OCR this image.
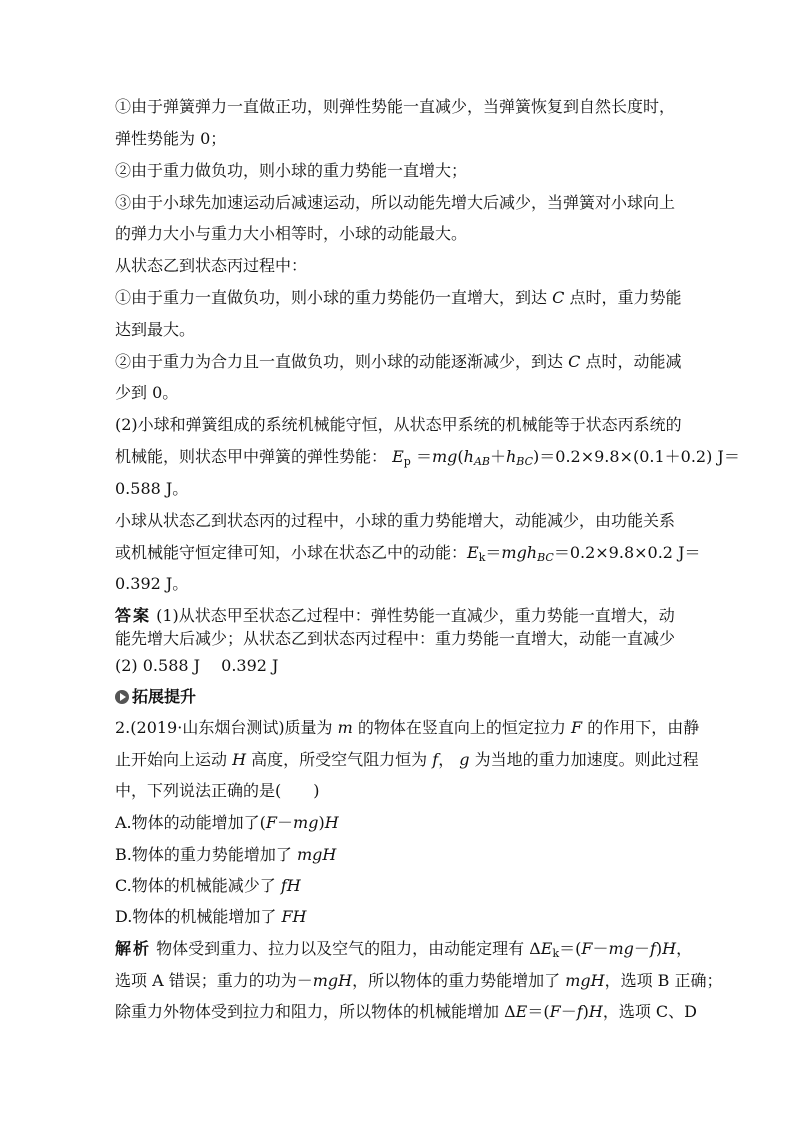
①由于弹簧弹力一直做正功，则弹性势能一直减少，当弹簧恢复到自然长度时，
弹性势能为 0；
②由于重力做负功，则小球的重力势能一直增大；
③由于小球先加速运动后减速运动，所以动能先增大后减少，当弹簧对小球向上
的弹力大小与重力大小相等时，小球的动能最大。
从状态乙到状态丙过程中：
①由于重力一直做负功，则小球的重力势能仍一直增大，到达 C 点时，重力势能
达到最大。
②由于重力为合力且一直做负功，则小球的动能逐渐减少，到达 C 点时，动能减
少到 0。
(2)小球和弹簧组成的系统机械能守恒，从状态甲系统的机械能等于状态丙系统的
机械能，则状态甲中弹簧的弹性势能： $E_p =mg(h_{AB}+h_{BC})=0.2\times 9.8\times(0.1+0.2)$ J＝
0.588 J。
小球从状态乙到状态丙的过程中，小球的重力势能增大，动能减少，由功能关系
或机械能守恒定律可知，小球在状态乙中的动能：$E_k=mgh_{BC}=0.2\times 9.8\times 0.2$ J＝
0.392 J。
答案 (1)从状态甲至状态乙过程中：弹性势能一直减少，重力势能一直增大，动
能先增大后减少；从状态乙到状态丙过程中：重力势能一直增大，动能一直减少
(2) 0.588 J　 0.392 J
拓展提升
2.(2019·山东烟台测试)质量为 m 的物体在竖直向上的恒定拉力 F 的作用下，由静
止开始向上运动 H 高度，所受空气阻力恒为 f， g 为当地的重力加速度。则此过程
中，下列说法正确的是(　　)
A.物体的动能增加了(F－mg)H
B.物体的重力势能增加了 mgH
C.物体的机械能减少了 fH
D.物体的机械能增加了 FH
解析 物体受到重力、拉力以及空气的阻力，由动能定理有 $\Delta E_k=(F-mg-f)H$，
选项 A 错误；重力的功为－mgH，所以物体的重力势能增加了 mgH，选项 B 正确；
除重力外物体受到拉力和阻力，所以物体的机械能增加 ΔE＝(F－f)H，选项 C、D
